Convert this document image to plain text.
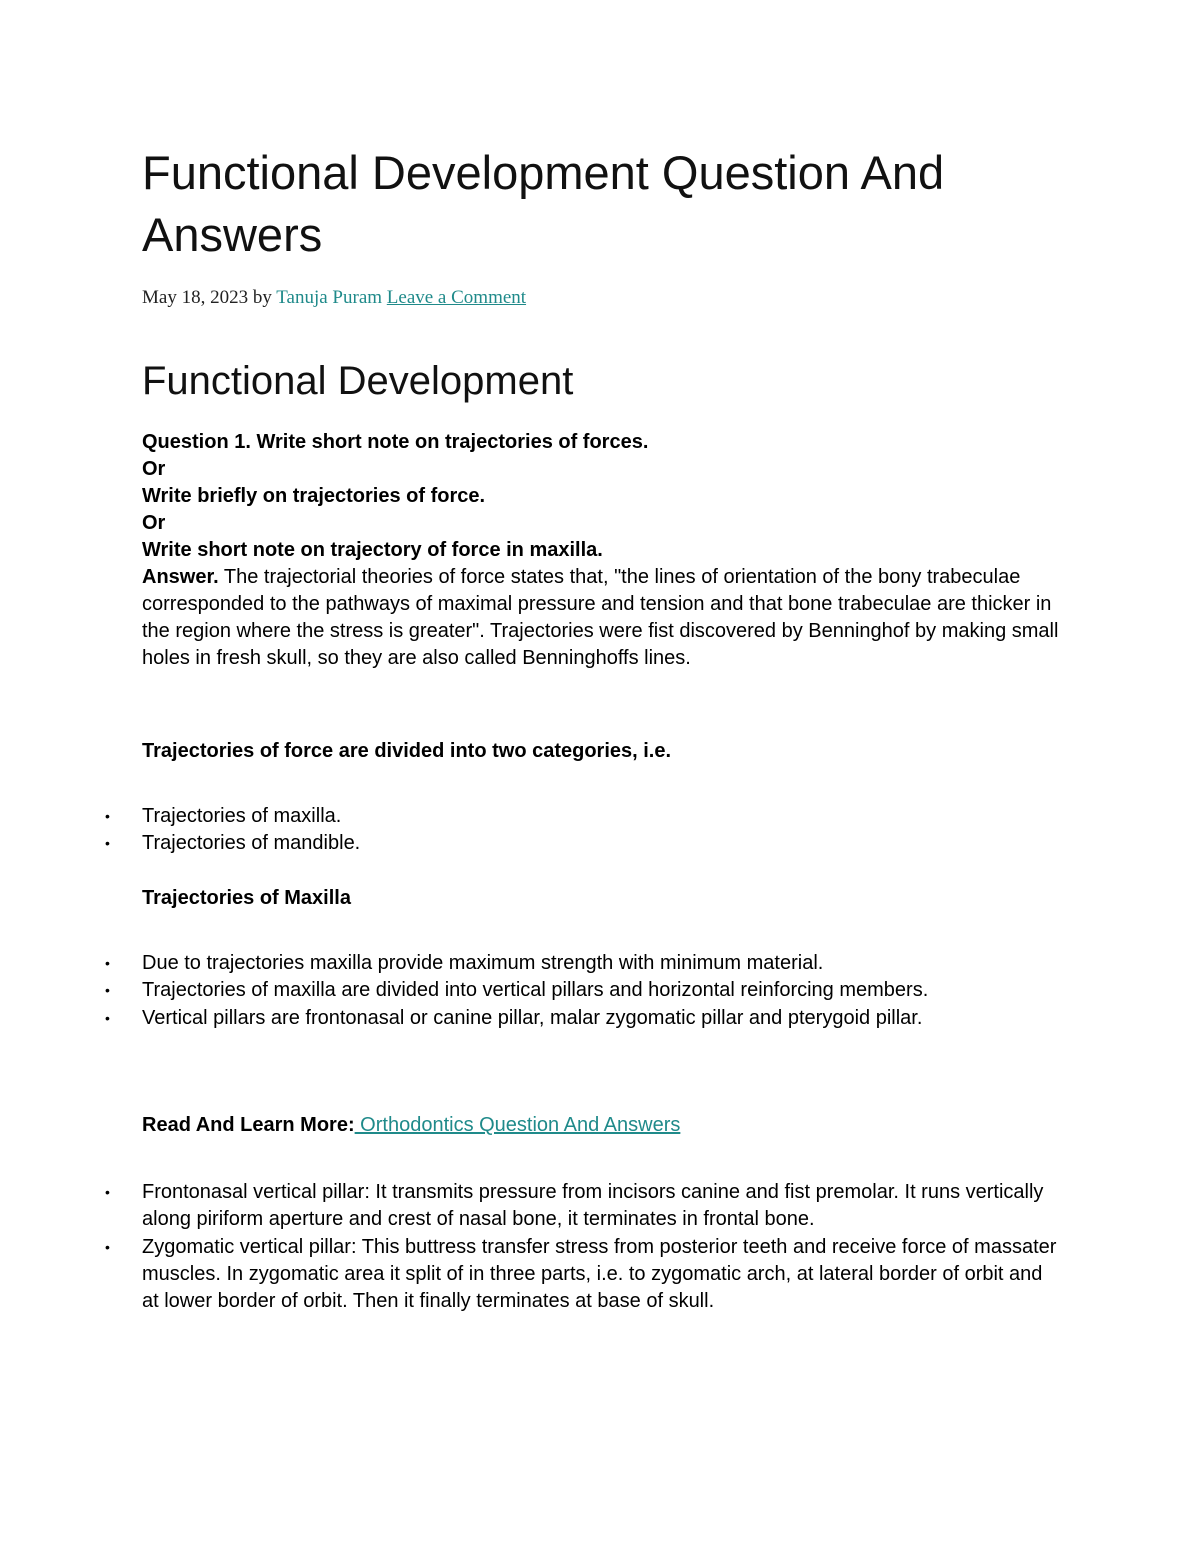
Functional Development Question And Answers

May 18, 2023 by Tanuja Puram Leave a Comment

Functional Development
Question 1. Write short note on trajectories of forces.
Or
Write briefly on trajectories of force.
Or
Write short note on trajectory of force in maxilla.
Answer. The trajectorial theories of force states that, "the lines of orientation of the bony trabeculae corresponded to the pathways of maximal pressure and tension and that bone trabeculae are thicker in the region where the stress is greater". Trajectories were fist discovered by Benninghof by making small holes in fresh skull, so they are also called Benninghoffs lines.

Trajectories of force are divided into two categories, i.e.

• Trajectories of maxilla.
• Trajectories of mandible.

Trajectories of Maxilla

• Due to trajectories maxilla provide maximum strength with minimum material.
• Trajectories of maxilla are divided into vertical pillars and horizontal reinforcing members.
• Vertical pillars are frontonasal or canine pillar, malar zygomatic pillar and pterygoid pillar.

Read And Learn More: Orthodontics Question And Answers

• Frontonasal vertical pillar: It transmits pressure from incisors canine and fist premolar. It runs vertically along piriform aperture and crest of nasal bone, it terminates in frontal bone.
• Zygomatic vertical pillar: This buttress transfer stress from posterior teeth and receive force of massater muscles. In zygomatic area it split of in three parts, i.e. to zygomatic arch, at lateral border of orbit and at lower border of orbit. Then it finally terminates at base of skull.
